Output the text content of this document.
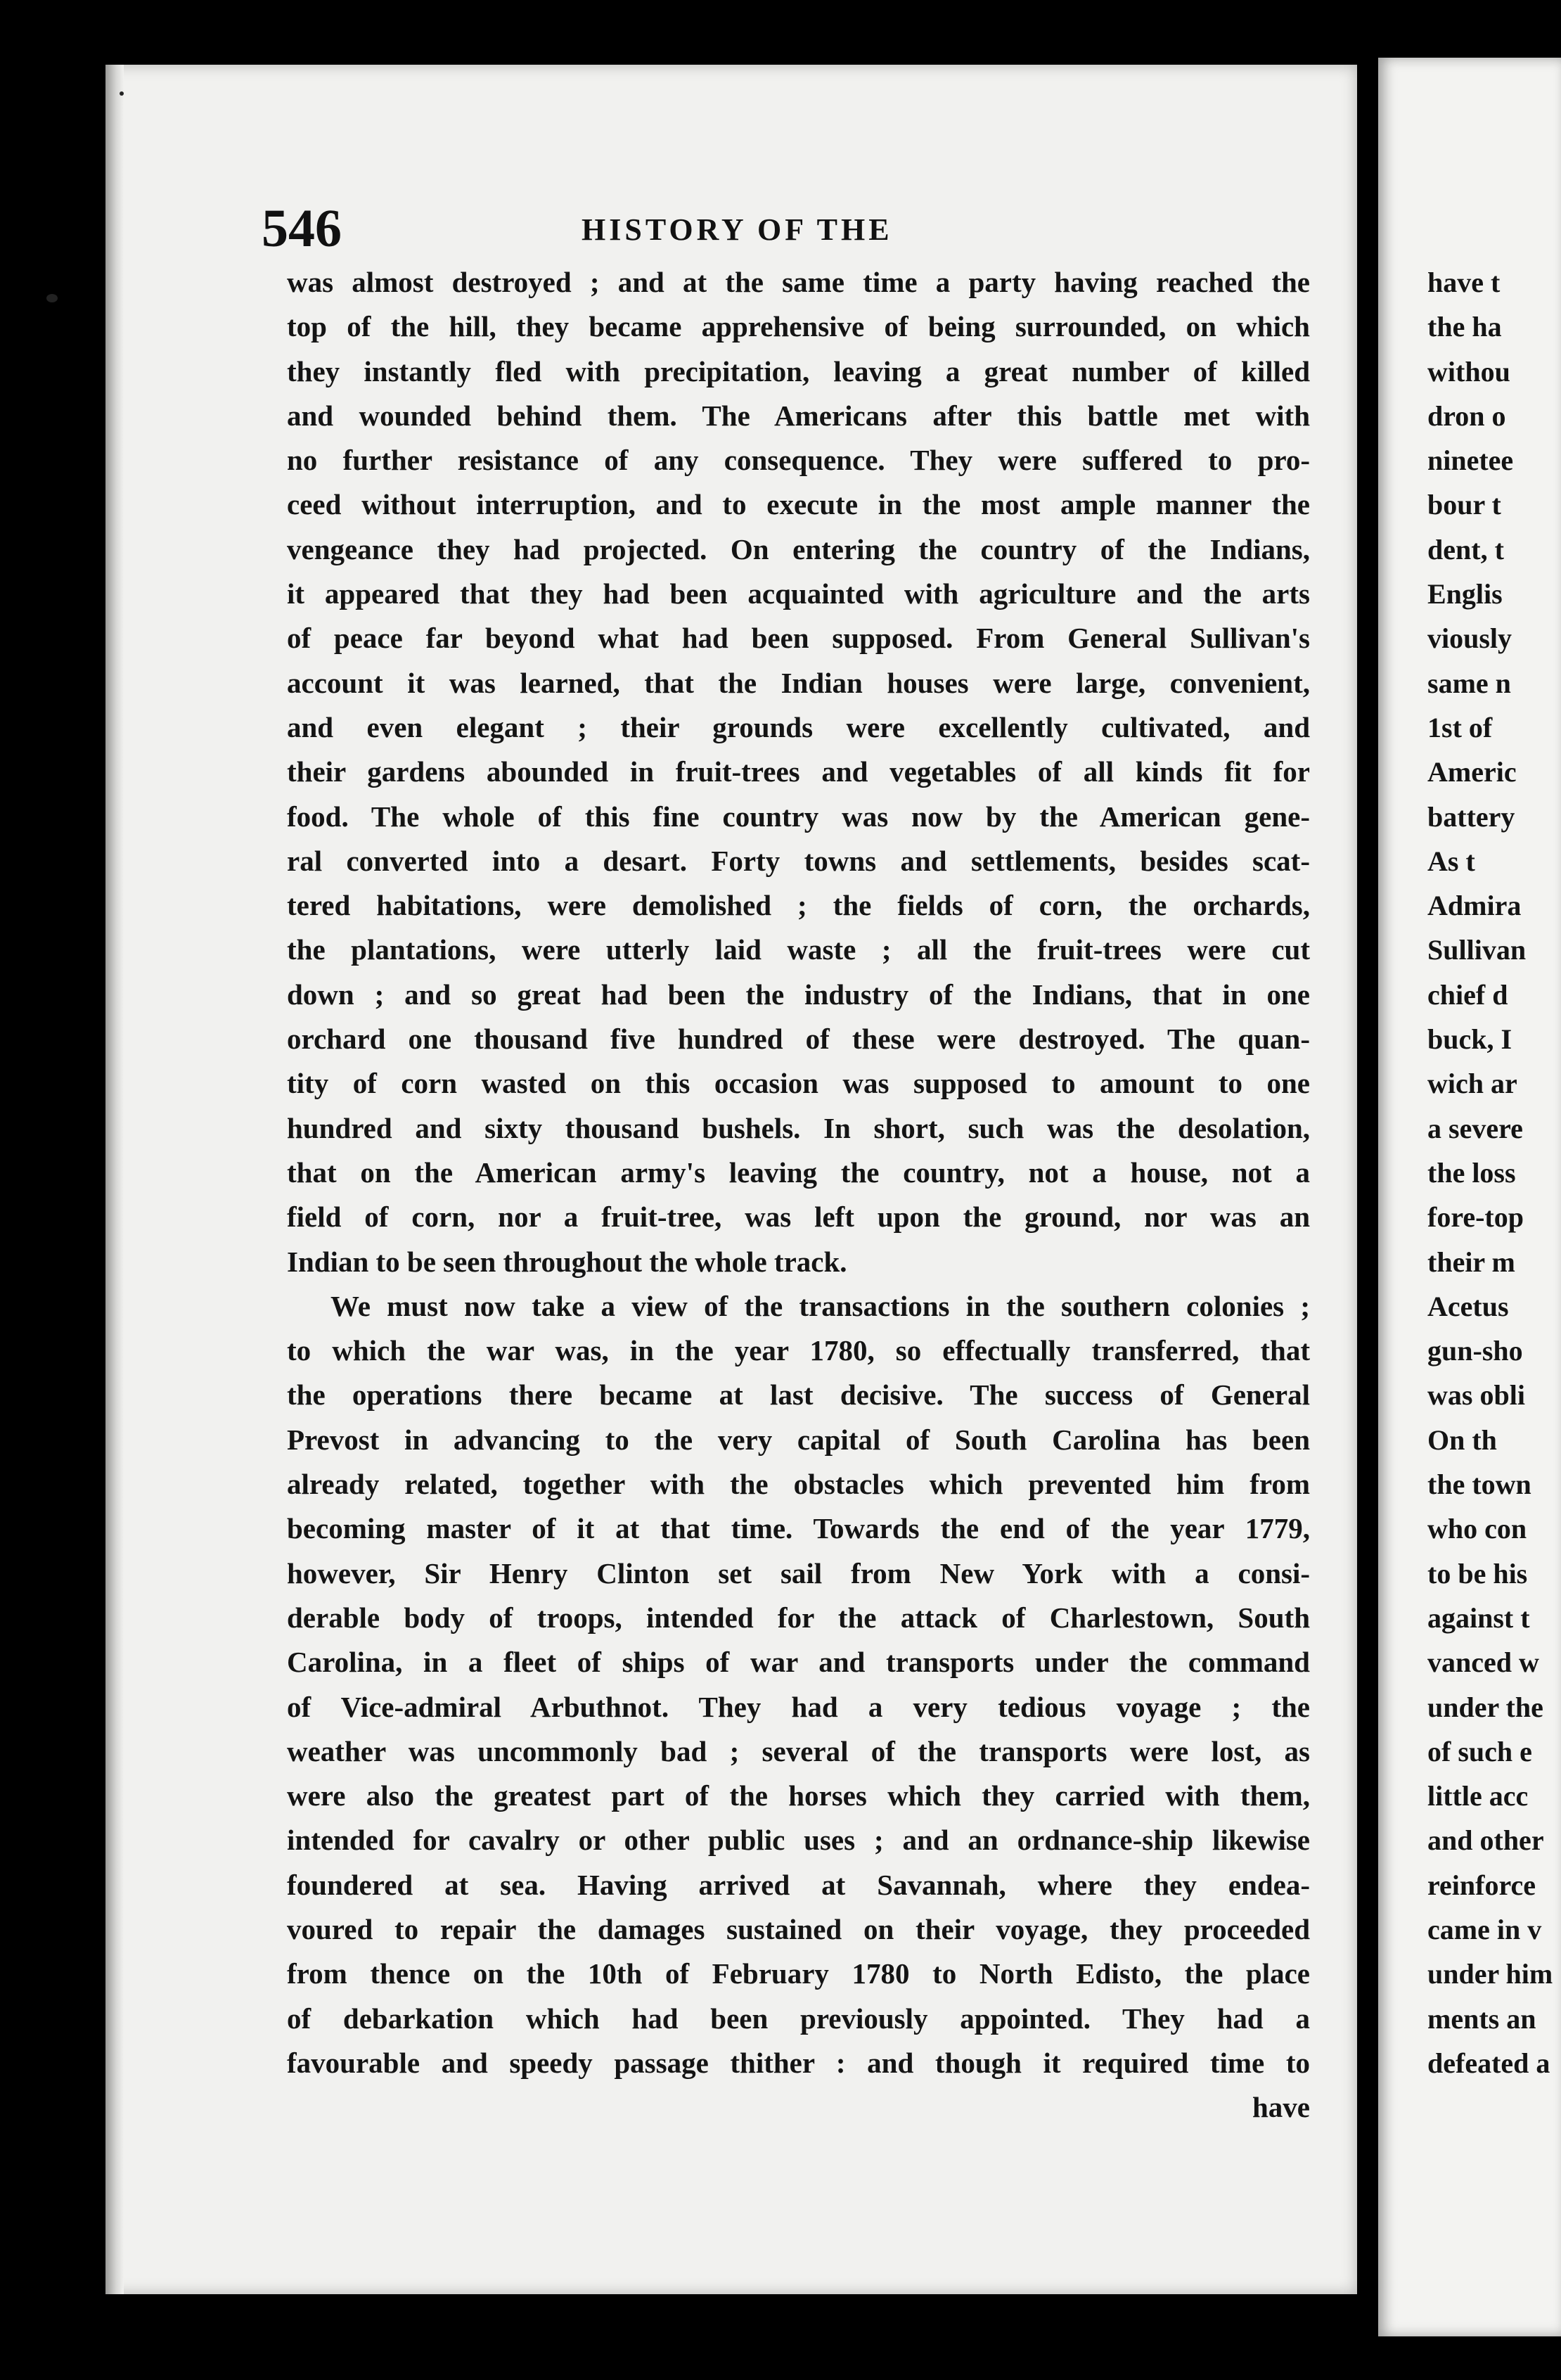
546	HISTORY OF THE
was almost destroyed ; and at the same time a party having reached the
top of the hill, they became apprehensive of being surrounded, on which
they instantly fled with precipitation, leaving a great number of killed
and wounded behind them. The Americans after this battle met with
no further resistance of any consequence. They were suffered to pro-
ceed without interruption, and to execute in the most ample manner the
vengeance they had projected. On entering the country of the Indians,
it appeared that they had been acquainted with agriculture and the arts
of peace far beyond what had been supposed. From General Sullivan's
account it was learned, that the Indian houses were large, convenient,
and even elegant ; their grounds were excellently cultivated, and
their gardens abounded in fruit-trees and vegetables of all kinds fit for
food. The whole of this fine country was now by the American gene-
ral converted into a desart. Forty towns and settlements, besides scat-
tered habitations, were demolished ; the fields of corn, the orchards,
the plantations, were utterly laid waste ; all the fruit-trees were cut
down ; and so great had been the industry of the Indians, that in one
orchard one thousand five hundred of these were destroyed. The quan-
tity of corn wasted on this occasion was supposed to amount to one
hundred and sixty thousand bushels. In short, such was the desolation,
that on the American army's leaving the country, not a house, not a
field of corn, nor a fruit-tree, was left upon the ground, nor was an
Indian to be seen throughout the whole track.
We must now take a view of the transactions in the southern colonies ;
to which the war was, in the year 1780, so effectually transferred, that
the operations there became at last decisive. The success of General
Prevost in advancing to the very capital of South Carolina has been
already related, together with the obstacles which prevented him from
becoming master of it at that time. Towards the end of the year 1779,
however, Sir Henry Clinton set sail from New York with a consi-
derable body of troops, intended for the attack of Charlestown, South
Carolina, in a fleet of ships of war and transports under the command
of Vice-admiral Arbuthnot. They had a very tedious voyage ; the
weather was uncommonly bad ; several of the transports were lost, as
were also the greatest part of the horses which they carried with them,
intended for cavalry or other public uses ; and an ordnance-ship likewise
foundered at sea. Having arrived at Savannah, where they endea-
voured to repair the damages sustained on their voyage, they proceeded
from thence on the 10th of February 1780 to North Edisto, the place
of debarkation which had been previously appointed. They had a
favourable and speedy passage thither : and though it required time to
have
have t
the ha
withou
dron o
ninetee
bour t
dent, t
Englis
viously
same n
1st of
Americ
battery
As t
Admira
Sullivan
chief d
buck, I
wich ar
a severe
the loss
fore-top
their m
Acetus
gun-sho
was obli
On th
the town
who con
to be his
against t
vanced w
under the
of such e
little acc
and other
reinforce
came in v
under him
ments an
defeated a
